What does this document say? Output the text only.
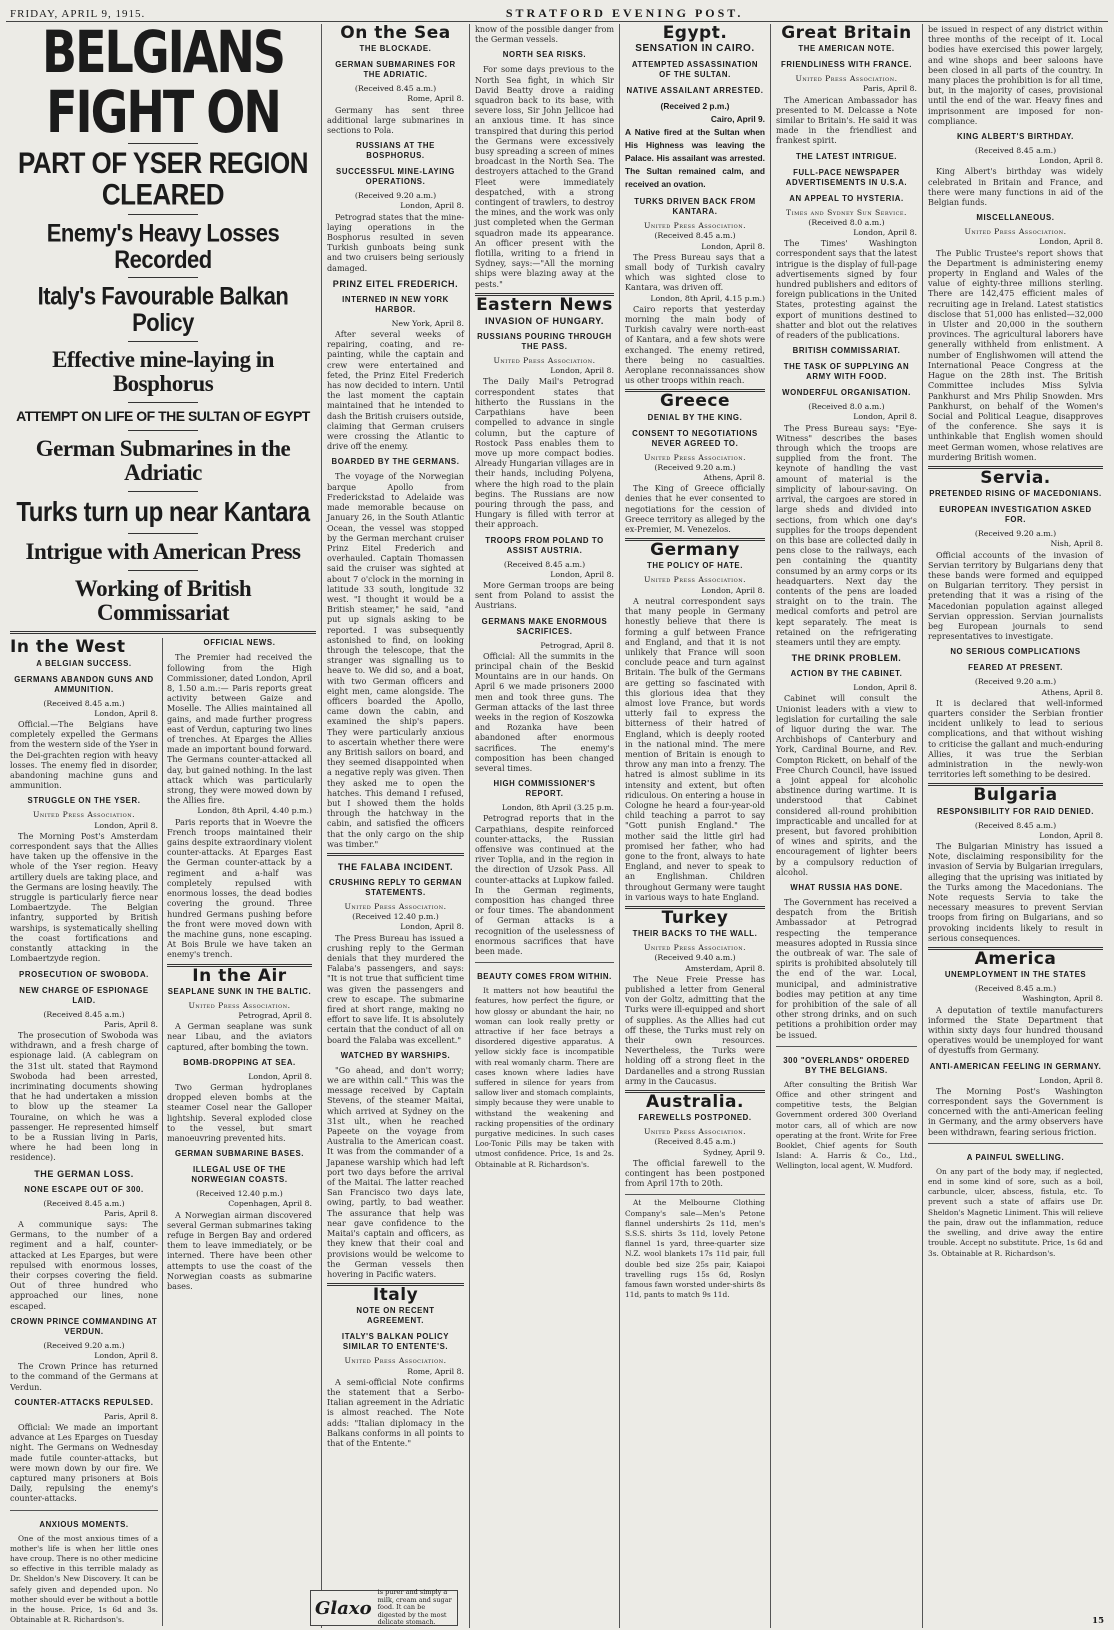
FRIDAY, APRIL 9, 1915.	STRATFORD EVENING POST.
BELGIANS FIGHT ON
PART OF YSER REGION CLEARED
Enemy's Heavy Losses Recorded
Italy's Favourable Balkan Policy
Effective mine-laying in Bosphorus
ATTEMPT ON LIFE OF THE SULTAN OF EGYPT
German Submarines in the Adriatic
Turks turn up near Kantara
Intrigue with American Press
Working of British Commissariat
In the West
A BELGIAN SUCCESS.
GERMANS ABANDON GUNS AND AMMUNITION.
(Received 8.45 a.m.)
London, April 8.

Official.—The Belgians have completely expelled the Germans from the western side of the Yser in the Dei-grachten region with heavy losses. The enemy fled in disorder, abandoning machine guns and ammunition.

STRUGGLE ON THE YSER.
United Press Association.
London, April 8.

The Morning Post's Amsterdam correspondent says that the Allies have taken up the offensive in the whole of the Yser region. Heavy artillery duels are taking place, and the Germans are losing heavily. The struggle is particularly fierce near Lombaertzyde. The Belgian infantry, supported by British warships, is systematically shelling the coast fortifications and constantly attacking in the Lombaertzyde region.

PROSECUTION OF SWOBODA.
NEW CHARGE OF ESPIONAGE LAID.
(Received 8.45 a.m.)
Paris, April 8.

The prosecution of Swoboda was withdrawn, and a fresh charge of espionage laid. (A cablegram on the 31st ult. stated that Raymond Swoboda had been arrested, incriminating documents showing that he had undertaken a mission to blow up the steamer La Touraine, on which he was a passenger. He represented himself to be a Russian living in Paris, where he had been long in residence).

THE GERMAN LOSS.
NONE ESCAPE OUT OF 300.
(Received 8.45 a.m.)
Paris, April 8.

A communique says: The Germans, to the number of a regiment and a half, counter-attacked at Les Eparges, but were repulsed with enormous losses, their corpses covering the field. Out of three hundred who approached our lines, none escaped.

CROWN PRINCE COMMANDING AT VERDUN.
(Received 9.20 a.m.)
London, April 8.

The Crown Prince has returned to the command of the Germans at Verdun.

COUNTER-ATTACKS REPULSED.
Paris, April 8.

Official: We made an important advance at Les Eparges on Tuesday night. The Germans on Wednesday made futile counter-attacks, but were mown down by our fire. We captured many prisoners at Bois Daily, repulsing the enemy's counter-attacks.

ANXIOUS MOMENTS.

One of the most anxious times of a mother's life is when her little ones have croup. There is no other medicine so effective in this terrible malady as Dr. Sheldon's New Discovery. It can be safely given and depended upon. No mother should ever be without a bottle in the house. Price, 1s 6d and 3s. Obtainable at R. Richardson's.

OFFICIAL NEWS.

The Premier had received the following from the High Commissioner, dated London, April 8, 1.50 a.m.:— Paris reports great activity between Gaize and Moselle. The Allies maintained all gains, and made further progress east of Verdun, capturing two lines of trenches. At Eparges the Allies made an important bound forward. The Germans counter-attacked all day, but gained nothing. In the last attack which was particularly strong, they were mowed down by the Allies fire.

London, 8th April, 4.40 p.m.)

Paris reports that in Woevre the French troops maintained their gains despite extraordinary violent counter-attacks. At Eparges East the German counter-attack by a regiment and a-half was completely repulsed with enormous losses, the dead bodies covering the ground. Three hundred Germans pushing before the front were moved down with the machine guns, none escaping. At Bois Brule we have taken an enemy's trench.

In the Air
SEAPLANE SUNK IN THE BALTIC.
United Press Association.
Petrograd, April 8.

A German seaplane was sunk near Libau, and the aviators captured, after bombing the town.

BOMB-DROPPING AT SEA.
London, April 8.

Two German hydroplanes dropped eleven bombs at the steamer Cosel near the Galloper lightship. Several exploded close to the vessel, but smart manoeuvring prevented hits.

GERMAN SUBMARINE BASES.
ILLEGAL USE OF THE NORWEGIAN COASTS.
(Received 12.40 p.m.)
Copenhagen, April 8.

A Norwegian airman discovered several German submarines taking refuge in Bergen Bay and ordered them to leave immediately, or be interned. There have been other attempts to use the coast of the Norwegian coasts as submarine bases.

On the Sea
THE BLOCKADE.
GERMAN SUBMARINES FOR THE ADRIATIC.
(Received 8.45 a.m.)
Rome, April 8.

Germany has sent three additional large submarines in sections to Pola.

RUSSIANS AT THE BOSPHORUS.
SUCCESSFUL MINE-LAYING OPERATIONS.
(Received 9.20 a.m.)
London, April 8.

Petrograd states that the mine-laying operations in the Bosphorus resulted in seven Turkish gunboats being sunk and two cruisers being seriously damaged.

PRINZ EITEL FREDERICH.
INTERNED IN NEW YORK HARBOR.
New York, April 8.

After several weeks of repairing, coating, and re-painting, while the captain and crew were entertained and feted, the Prinz Eitel Frederich has now decided to intern. Until the last moment the captain maintained that he intended to dash the British cruisers outside, claiming that German cruisers were crossing the Atlantic to drive off the enemy.

BOARDED BY THE GERMANS.

The voyage of the Norwegian barque Apollo from Frederickstad to Adelaide was made memorable because on January 26, in the South Atlantic Ocean, the vessel was stopped by the German merchant cruiser Prinz Eitel Frederich and overhauled. Captain Thomassen said the cruiser was sighted at about 7 o'clock in the morning in latitude 33 south, longitude 32 west. "I thought it would be a British steamer," he said, "and put up signals asking to be reported. I was subsequently astonished to find, on looking through the telescope, that the stranger was signalling us to heave to. We did so, and a boat, with two German officers and eight men, came alongside. The officers boarded the Apollo, came down the cabin, and examined the ship's papers. They were particularly anxious to ascertain whether there were any British sailors on board, and they seemed disappointed when a negative reply was given. Then they asked me to open the hatches. This demand I refused, but I showed them the holds through the hatchway in the cabin, and satisfied the officers that the only cargo on the ship was timber."

THE FALABA INCIDENT.
CRUSHING REPLY TO GERMAN STATEMENTS.
United Press Association.
(Received 12.40 p.m.)
London, April 8.

The Press Bureau has issued a crushing reply to the German denials that they murdered the Falaba's passengers, and says: "It is not true that sufficient time was given the passengers and crew to escape. The submarine fired at short range, making no effort to save life. It is absolutely certain that the conduct of all on board the Falaba was excellent."

WATCHED BY WARSHIPS.

"Go ahead, and don't worry; we are within call." This was the message received by Captain Stevens, of the steamer Maitai, which arrived at Sydney on the 31st ult., when he reached Papeete on the voyage from Australia to the American coast. It was from the commander of a Japanese warship which had left port two days before the arrival of the Maitai. The latter reached San Francisco two days late, owing, partly, to bad weather. The assurance that help was near gave confidence to the Maitai's captain and officers, as they knew that their coal and provisions would be welcome to the German vessels then hovering in Pacific waters.

Italy
NOTE ON RECENT AGREEMENT.
ITALY'S BALKAN POLICY SIMILAR TO ENTENTE'S.
United Press Association.
Rome, April 8.

A semi-official Note confirms the statement that a Serbo-Italian agreement in the Adriatic is almost reached. The Note adds: "Italian diplomacy in the Balkans conforms in all points to that of the Entente."

know of the possible danger from the German vessels.

NORTH SEA RISKS.

For some days previous to the North Sea fight, in which Sir David Beatty drove a raiding squadron back to its base, with severe loss, Sir John Jellicoe had an anxious time. It has since transpired that during this period the Germans were excessively busy spreading a screen of mines broadcast in the North Sea. The destroyers attached to the Grand Fleet were immediately despatched, with a strong contingent of trawlers, to destroy the mines, and the work was only just completed when the German squadron made its appearance. An officer present with the flotilla, writing to a friend in Sydney, says:—"All the morning ships were blazing away at the pests."

Eastern News
INVASION OF HUNGARY.
RUSSIANS POURING THROUGH THE PASS.
United Press Association.
London, April 8.

The Daily Mail's Petrograd correspondent states that hitherto the Russians in the Carpathians have been compelled to advance in single column, but the capture of Rostock Pass enables them to move up more compact bodies. Already Hungarian villages are in their hands, including Polyena, where the high road to the plain begins. The Russians are now pouring through the pass, and Hungary is filled with terror at their approach.

TROOPS FROM POLAND TO ASSIST AUSTRIA.
(Received 8.45 a.m.)
London, April 8.

More German troops are being sent from Poland to assist the Austrians.

GERMANS MAKE ENORMOUS SACRIFICES.
Petrograd, April 8.

Official: All the summits in the principal chain of the Beskid Mountains are in our hands. On April 6 we made prisoners 2000 men and took three guns. The German attacks of the last three weeks in the region of Koszowka and Rozanka have been abandoned after enormous sacrifices. The enemy's composition has been changed several times.

HIGH COMMISSIONER'S REPORT.
London, 8th April (3.25 p.m.

Petrograd reports that in the Carpathians, despite reinforced counter-attacks, the Russian offensive was continued at the river Toplia, and in the region in the direction of Uzsok Pass. All counter-attacks at Lupkow failed. In the German regiments, composition has changed three or four times. The abandonment of German attacks is a recognition of the uselessness of enormous sacrifices that have been made.

BEAUTY COMES FROM WITHIN.

It matters not how beautiful the features, how perfect the figure, or how glossy or abundant the hair, no woman can look really pretty or attractive if her face betrays a disordered digestive apparatus. A yellow sickly face is incompatible with real womanly charm. There are cases known where ladies have suffered in silence for years from sallow liver and stomach complaints, simply because they were unable to withstand the weakening and racking propensities of the ordinary purgative medicines. In such cases Loo-Tonic Pills may be taken with utmost confidence. Price, 1s and 2s. Obtainable at R. Richardson's.

Egypt.
SENSATION IN CAIRO.
ATTEMPTED ASSASSINATION OF THE SULTAN.
NATIVE ASSAILANT ARRESTED.
(Received 2 p.m.)
Cairo, April 9.

A Native fired at the Sultan when His Highness was leaving the Palace. His assailant was arrested. The Sultan remained calm, and received an ovation.

TURKS DRIVEN BACK FROM KANTARA.
United Press Association.
(Received 8.45 a.m.)
London, April 8.

The Press Bureau says that a small body of Turkish cavalry which was sighted close to Kantara, was driven off.

London, 8th April, 4.15 p.m.)

Cairo reports that yesterday morning the main body of Turkish cavalry were north-east of Kantara, and a few shots were exchanged. The enemy retired, there being no casualties. Aeroplane reconnaissances show us other troops within reach.

Greece
DENIAL BY THE KING.
CONSENT TO NEGOTIATIONS NEVER AGREED TO.
United Press Association.
(Received 9.20 a.m.)
Athens, April 8.

The King of Greece officially denies that he ever consented to negotiations for the cession of Greece territory as alleged by the ex-Premier, M. Venezelos.

Germany
THE POLICY OF HATE.
United Press Association.
London, April 8.

A neutral correspondent says that many people in Germany honestly believe that there is forming a gulf between France and England, and that it is not unlikely that France will soon conclude peace and turn against Britain. The bulk of the Germans are getting so fascinated with this glorious idea that they almost love France, but words utterly fail to express the bitterness of their hatred of England, which is deeply rooted in the national mind. The mere mention of Britain is enough to throw any man into a frenzy. The hatred is almost sublime in its intensity and extent, but often ridiculous. On entering a house in Cologne he heard a four-year-old child teaching a parrot to say "Gott punish England." The mother said the little girl had promised her father, who had gone to the front, always to hate England, and never to speak to an Englishman. Children throughout Germany were taught in various ways to hate England.

Turkey
THEIR BACKS TO THE WALL.
United Press Association.
(Received 9.40 a.m.)
Amsterdam, April 8.

The Neue Freie Presse has published a letter from General von der Goltz, admitting that the Turks were ill-equipped and short of supplies. As the Allies had cut off these, the Turks must rely on their own resources. Nevertheless, the Turks were holding off a strong fleet in the Dardanelles and a strong Russian army in the Caucasus.

Australia.
FAREWELLS POSTPONED.
United Press Association.
(Received 8.45 a.m.)
Sydney, April 9.

The official farewell to the contingent has been postponed from April 17th to 20th.

At the Melbourne Clothing Company's sale—Men's Petone flannel undershirts 2s 11d, men's S.S.S. shirts 3s 11d, lovely Petone flannel 1s yard, three-quarter size N.Z. wool blankets 17s 11d pair, full double bed size 25s pair, Kaiapoi travelling rugs 15s 6d, Roslyn famous fawn worsted under-shirts 8s 11d, pants to match 9s 11d.

Great Britain
THE AMERICAN NOTE.
FRIENDLINESS WITH FRANCE.
United Press Association.
Paris, April 8.

The American Ambassador has presented to M. Delcasse a Note similar to Britain's. He said it was made in the friendliest and frankest spirit.

THE LATEST INTRIGUE.
FULL-PACE NEWSPAPER ADVERTISEMENTS IN U.S.A.
AN APPEAL TO HYSTERIA.
Times and Sydney Sun Service.
(Received 8.0 a.m.)
London, April 8.

The Times' Washington correspondent says that the latest intrigue is the display of full-page advertisements signed by four hundred publishers and editors of foreign publications in the United States, protesting against the export of munitions destined to shatter and blot out the relatives of readers of the publications.

BRITISH COMMISSARIAT.
THE TASK OF SUPPLYING AN ARMY WITH FOOD.
WONDERFUL ORGANISATION.
(Received 8.0 a.m.)
London, April 8.

The Press Bureau says: "Eye-Witness" describes the bases through which the troops are supplied from the front. The keynote of handling the vast amount of material is the simplicity of labour-saving. On arrival, the cargoes are stored in large sheds and divided into sections, from which one day's supplies for the troops dependent on this base are collected daily in pens close to the railways, each pen containing the quantity consumed by an army corps or its headquarters. Next day the contents of the pens are loaded straight on to the train. The medical comforts and petrol are kept separately. The meat is retained on the refrigerating steamers until they are empty.

THE DRINK PROBLEM.
ACTION BY THE CABINET.
London, April 8.

Cabinet will consult the Unionist leaders with a view to legislation for curtailing the sale of liquor during the war. The Archbishops of Canterbury and York, Cardinal Bourne, and Rev. Compton Rickett, on behalf of the Free Church Council, have issued a joint appeal for alcoholic abstinence during wartime. It is understood that Cabinet considered all-round prohibition impracticable and uncalled for at present, but favored prohibition of wines and spirits, and the encouragement of lighter beers by a compulsory reduction of alcohol.

WHAT RUSSIA HAS DONE.

The Government has received a despatch from the British Ambassador at Petrograd respecting the temperance measures adopted in Russia since the outbreak of war. The sale of spirits is prohibited absolutely till the end of the war. Local, municipal, and administrative bodies may petition at any time for prohibition of the sale of all other strong drinks, and on such petitions a prohibition order may be issued.

300 "OVERLANDS" ORDERED BY THE BELGIANS.

After consulting the British War Office and other stringent and competitive tests, the Belgian Government ordered 300 Overland motor cars, all of which are now operating at the front. Write for Free Booklet, Chief agents for South Island: A. Harris & Co., Ltd., Wellington, local agent, W. Mudford.

be issued in respect of any district within three months of the receipt of it. Local bodies have exercised this power largely, and wine shops and beer saloons have been closed in all parts of the country. In many places the prohibition is for all time, but, in the majority of cases, provisional until the end of the war. Heavy fines and imprisonment are imposed for non-compliance.

KING ALBERT'S BIRTHDAY.
(Received 8.45 a.m.)
London, April 8.

King Albert's birthday was widely celebrated in Britain and France, and there were many functions in aid of the Belgian funds.

MISCELLANEOUS.
United Press Association.
London, April 8.

The Public Trustee's report shows that the Department is administering enemy property in England and Wales of the value of eighty-three millions sterling. There are 142,475 efficient males of recruiting age in Ireland. Latest statistics disclose that 51,000 has enlisted—32,000 in Ulster and 20,000 in the southern provinces. The agricultural laborers have generally withheld from enlistment. A number of Englishwomen will attend the International Peace Congress at the Hague on the 28th inst. The British Committee includes Miss Sylvia Pankhurst and Mrs Philip Snowden. Mrs Pankhurst, on behalf of the Women's Social and Political League, disapproves of the conference. She says it is unthinkable that English women should meet German women, whose relatives are murdering British women.

Servia.
PRETENDED RISING OF MACEDONIANS.
EUROPEAN INVESTIGATION ASKED FOR.
(Received 9.20 a.m.)
Nish, April 8.

Official accounts of the invasion of Servian territory by Bulgarians deny that these bands were formed and equipped on Bulgarian territory. They persist in pretending that it was a rising of the Macedonian population against alleged Servian oppression. Servian journalists beg European journals to send representatives to investigate.

NO SERIOUS COMPLICATIONS
FEARED AT PRESENT.
(Received 9.20 a.m.)
Athens, April 8.

It is declared that well-informed quarters consider the Serbian frontier incident unlikely to lead to serious complications, and that without wishing to criticise the gallant and much-enduring Allies, it was true the Serbian administration in the newly-won territories left something to be desired.

Bulgaria
RESPONSIBILITY FOR RAID DENIED.
(Received 8.45 a.m.)
London, April 8.

The Bulgarian Ministry has issued a Note, disclaiming responsibility for the invasion of Servia by Bulgarian irregulars, alleging that the uprising was initiated by the Turks among the Macedonians. The Note requests Servia to take the necessary measures to prevent Servian troops from firing on Bulgarians, and so provoking incidents likely to result in serious consequences.

America
UNEMPLOYMENT IN THE STATES
(Received 8.45 a.m.)
Washington, April 8.

A deputation of textile manufacturers informed the State Department that within sixty days four hundred thousand operatives would be unemployed for want of dyestuffs from Germany.

ANTI-AMERICAN FEELING IN GERMANY.
London, April 8.

The Morning Post's Washington correspondent says the Government is concerned with the anti-American feeling in Germany, and the army observers have been withdrawn, fearing serious friction.

A PAINFUL SWELLING.

On any part of the body may, if neglected, end in some kind of sore, such as a boil, carbuncle, ulcer, abscess, fistula, etc. To prevent such a state of affairs use Dr. Sheldon's Magnetic Liniment. This will relieve the pain, draw out the inflammation, reduce the swelling, and drive away the entire trouble. Accept no substitute. Price, 1s 6d and 3s. Obtainable at R. Richardson's.

Glaxo
is purer and simply a milk, cream and sugar food. It can be digested by the most delicate stomach.	15
